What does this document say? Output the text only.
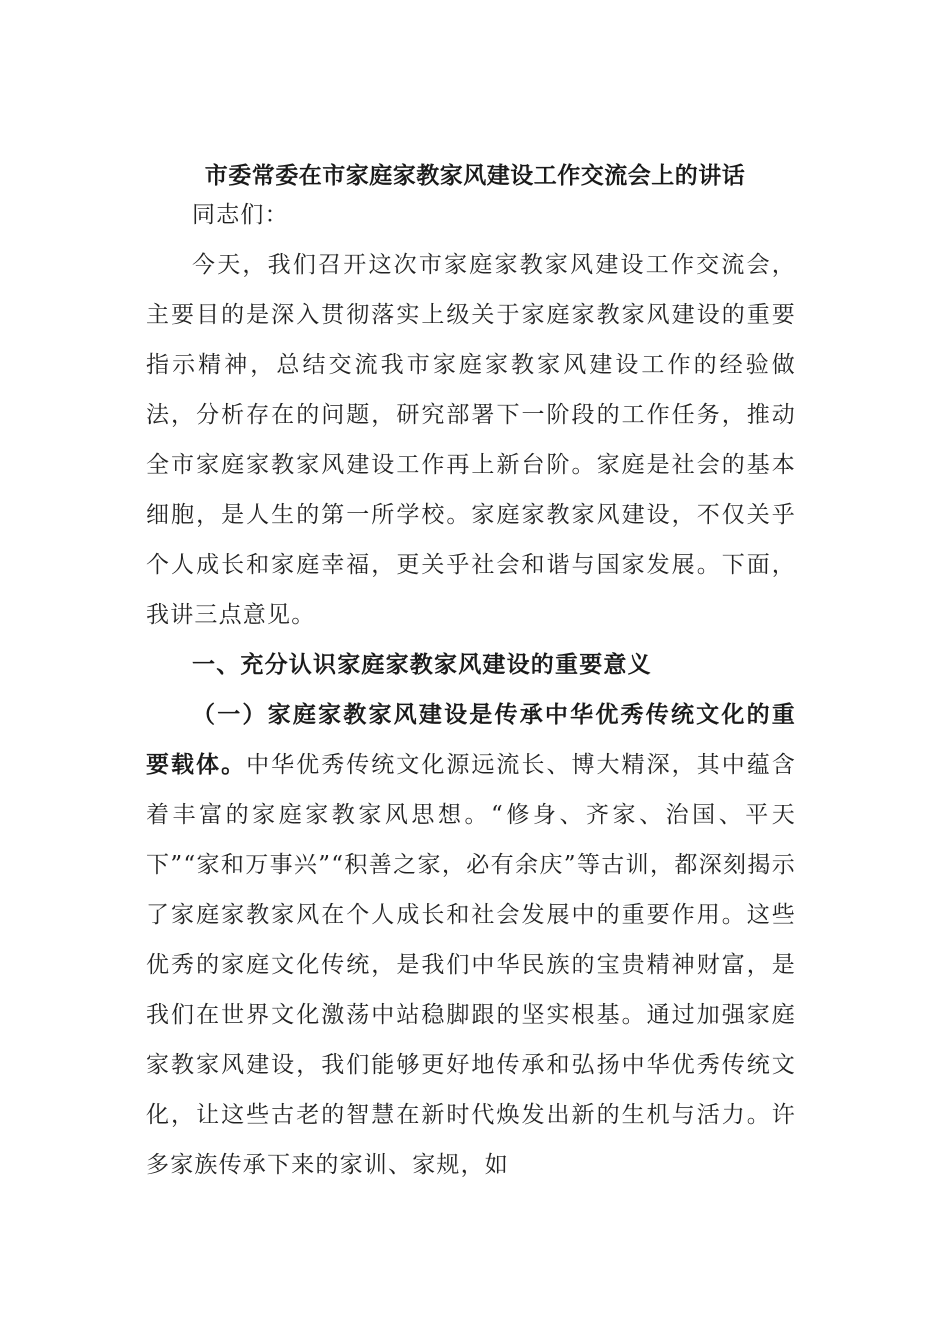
市委常委在市家庭家教家风建设工作交流会上的讲话

同志们：

今天，我们召开这次市家庭家教家风建设工作交流会，主要目的是深入贯彻落实上级关于家庭家教家风建设的重要指示精神，总结交流我市家庭家教家风建设工作的经验做法，分析存在的问题，研究部署下一阶段的工作任务，推动全市家庭家教家风建设工作再上新台阶。家庭是社会的基本细胞，是人生的第一所学校。家庭家教家风建设，不仅关乎个人成长和家庭幸福，更关乎社会和谐与国家发展。下面，我讲三点意见。

一、充分认识家庭家教家风建设的重要意义

（一）家庭家教家风建设是传承中华优秀传统文化的重要载体。中华优秀传统文化源远流长、博大精深，其中蕴含着丰富的家庭家教家风思想。“修身、齐家、治国、平天下”“家和万事兴”“积善之家，必有余庆”等古训，都深刻揭示了家庭家教家风在个人成长和社会发展中的重要作用。这些优秀的家庭文化传统，是我们中华民族的宝贵精神财富，是我们在世界文化激荡中站稳脚跟的坚实根基。通过加强家庭家教家风建设，我们能够更好地传承和弘扬中华优秀传统文化，让这些古老的智慧在新时代焕发出新的生机与活力。许多家族传承下来的家训、家规，如
